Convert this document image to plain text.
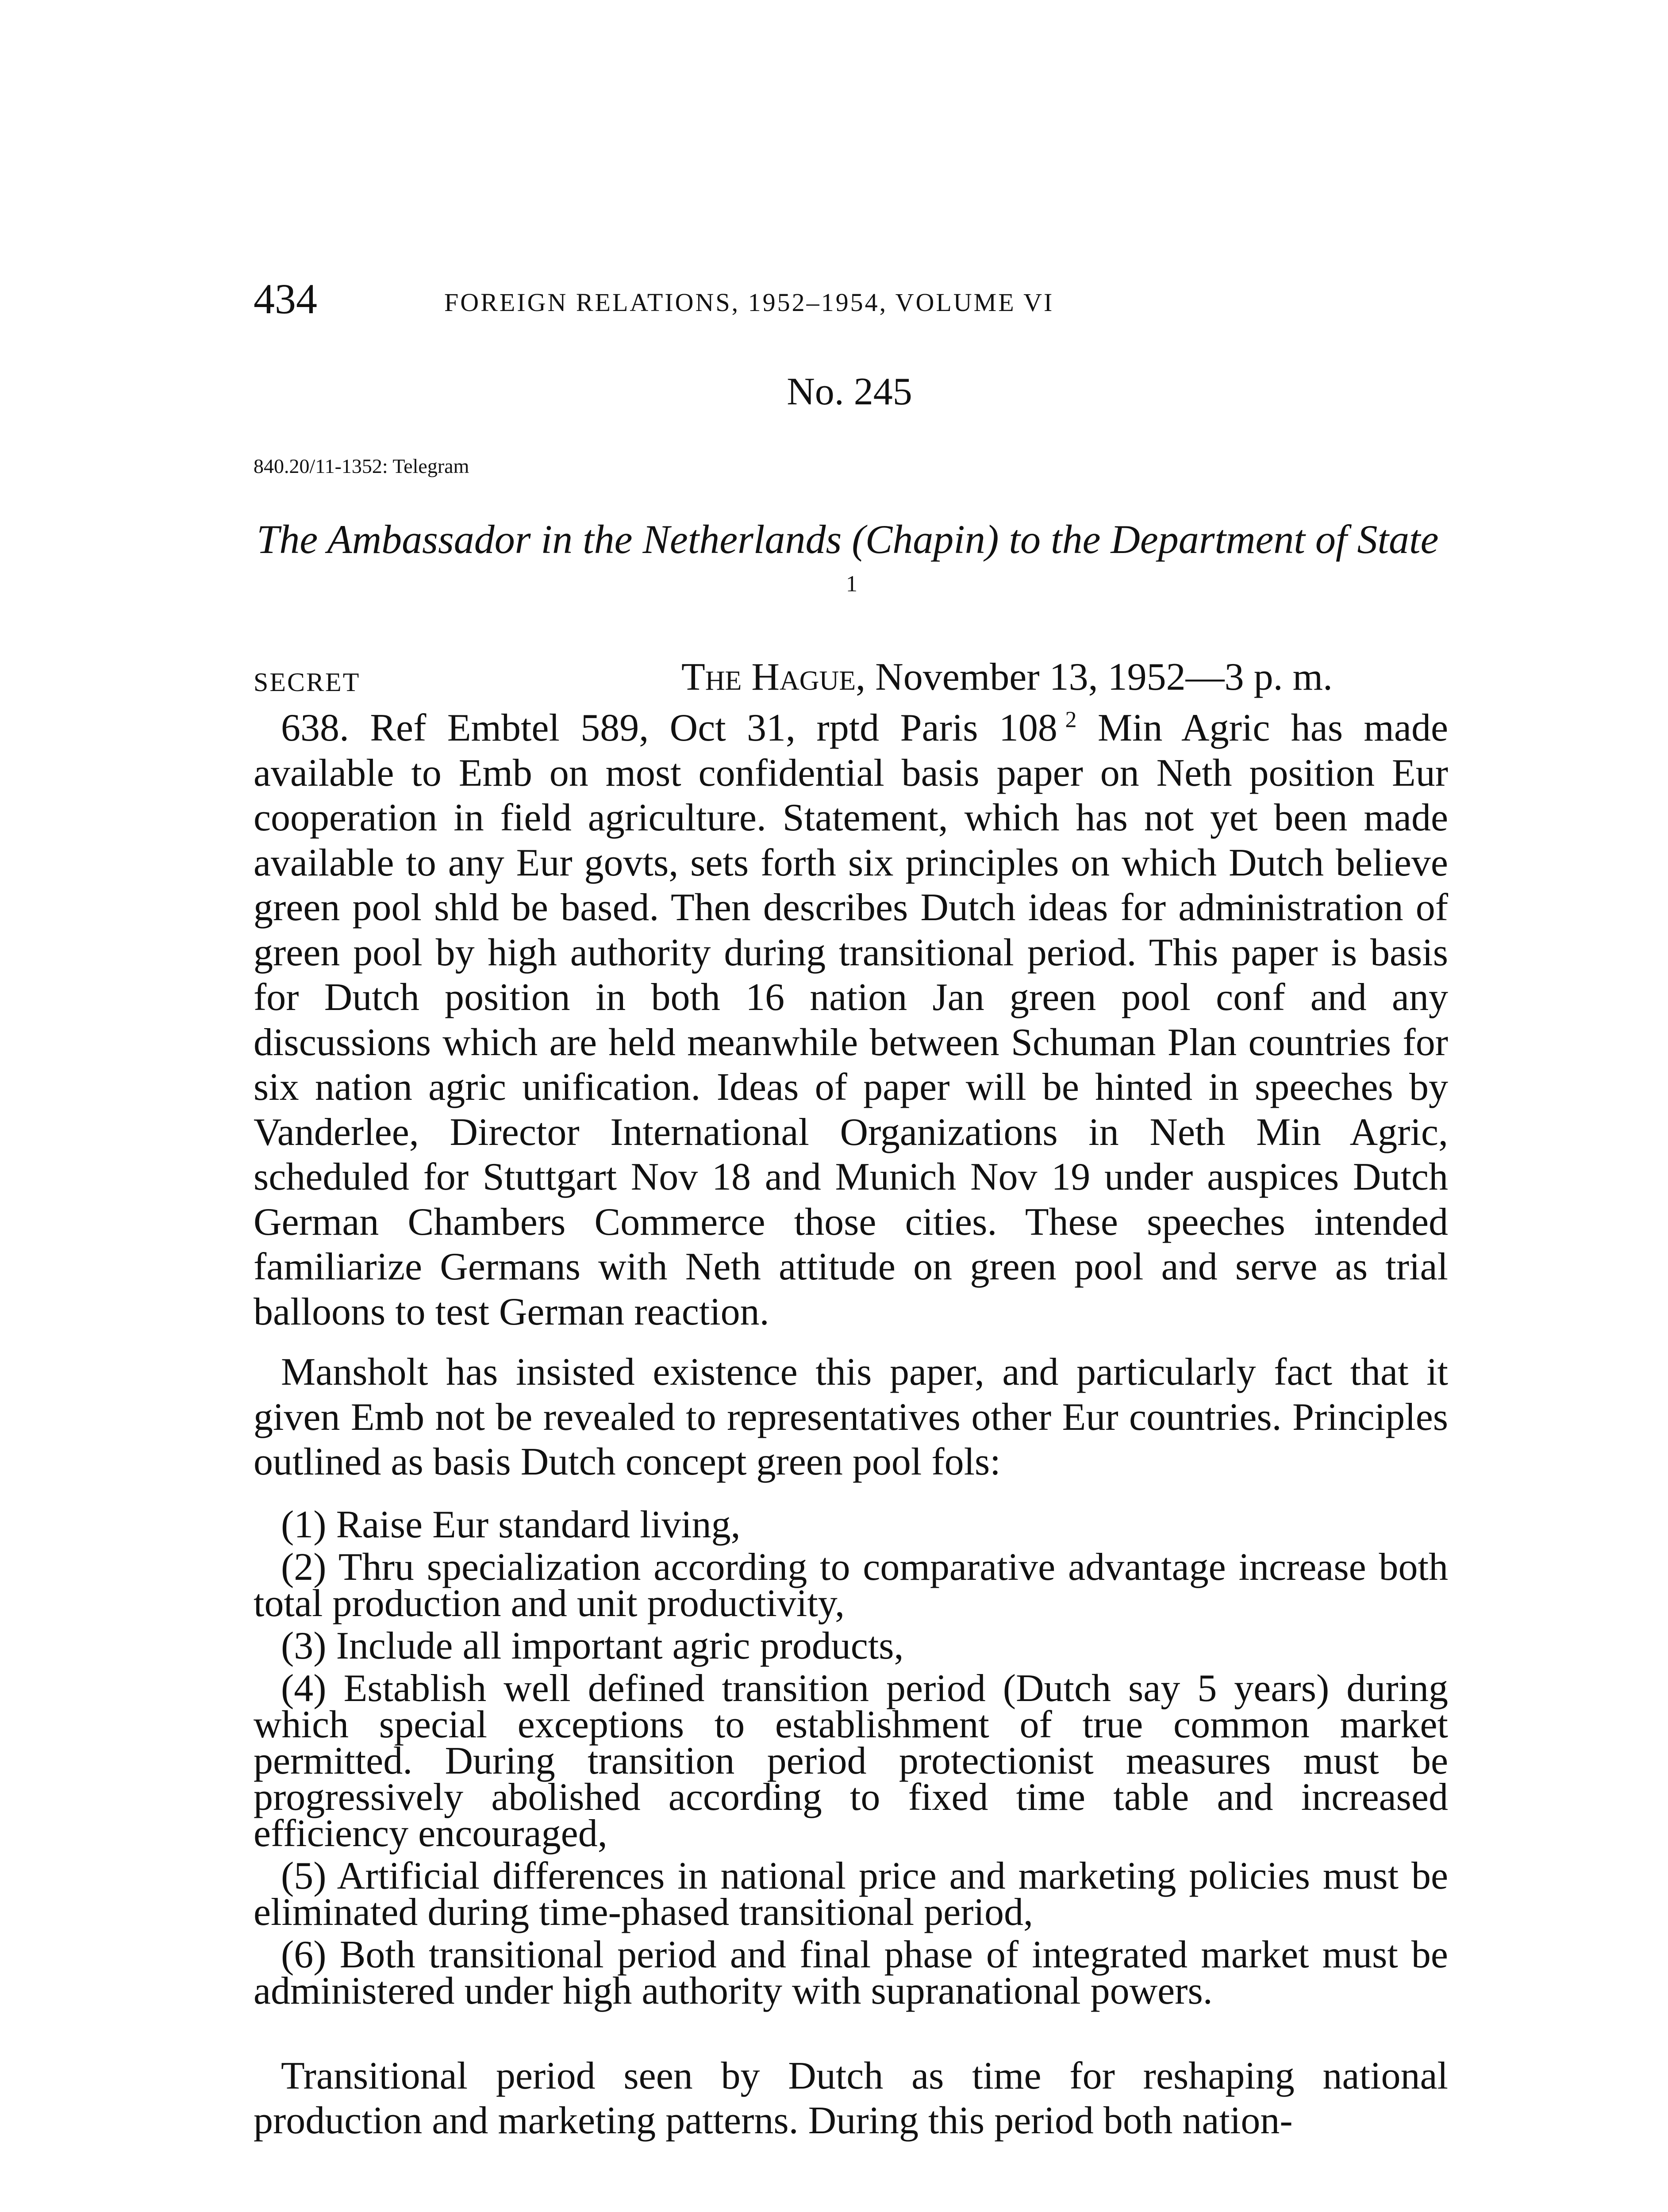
434	FOREIGN RELATIONS, 1952–1954, VOLUME VI
No. 245
840.20/11-1352: Telegram
The Ambassador in the Netherlands (Chapin) to the Department of State $^1$
SECRET	The Hague, November 13, 1952—3 p. m.

638. Ref Embtel 589, Oct 31, rptd Paris 108  $^2$ Min Agric has made available to Emb on most confidential basis paper on Neth position Eur cooperation in field agriculture. Statement, which has not yet been made available to any Eur govts, sets forth six principles on which Dutch believe green pool shld be based. Then describes Dutch ideas for administration of green pool by high authority during transitional period. This paper is basis for Dutch position in both 16 nation Jan green pool conf and any discussions which are held meanwhile between Schuman Plan countries for six nation agric unification. Ideas of paper will be hinted in speeches by Vanderlee, Director International Organizations in Neth Min Agric, scheduled for Stuttgart Nov 18 and Munich Nov 19 under auspices Dutch German Chambers Commerce those cities. These speeches intended familiarize Germans with Neth attitude on green pool and serve as trial balloons to test German reaction.

Mansholt has insisted existence this paper, and particularly fact that it given Emb not be revealed to representatives other Eur countries. Principles outlined as basis Dutch concept green pool fols:

(1) Raise Eur standard living,
(2) Thru specialization according to comparative advantage increase both total production and unit productivity,
(3) Include all important agric products,
(4) Establish well defined transition period (Dutch say 5 years) during which special exceptions to establishment of true common market permitted. During transition period protectionist measures must be progressively abolished according to fixed time table and increased efficiency encouraged,
(5) Artificial differences in national price and marketing policies must be eliminated during time-phased transitional period,
(6) Both transitional period and final phase of integrated market must be administered under high authority with supranational powers.

Transitional period seen by Dutch as time for reshaping national production and marketing patterns. During this period both nation-
